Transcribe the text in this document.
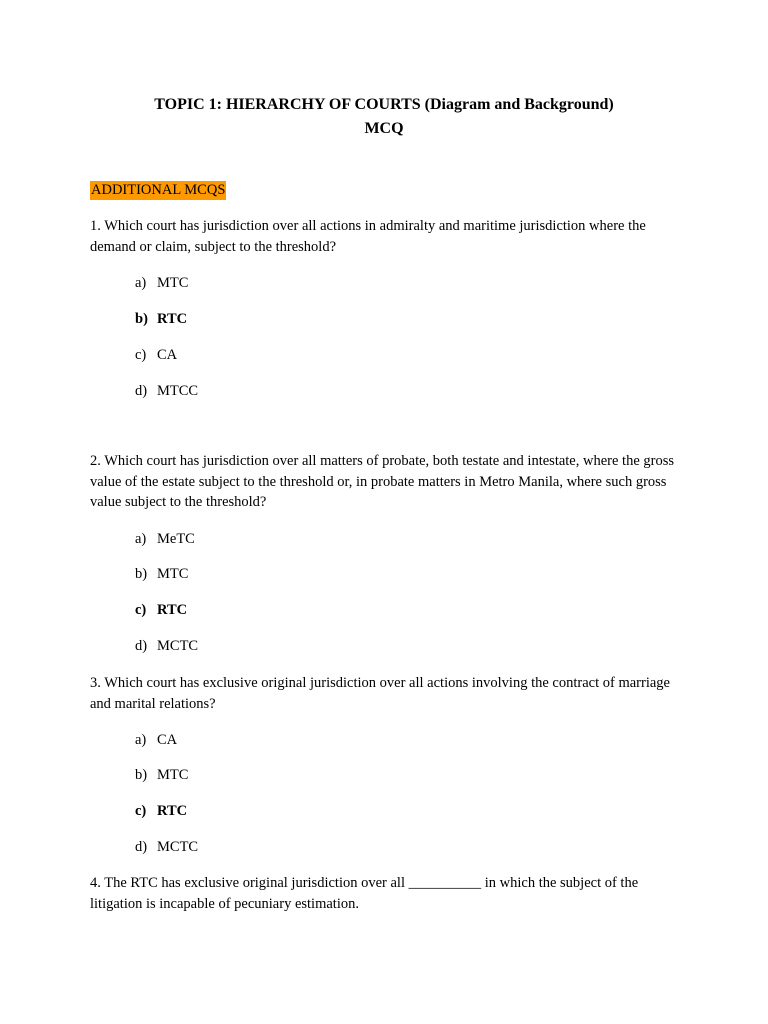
TOPIC 1: HIERARCHY OF COURTS (Diagram and Background)
MCQ
ADDITIONAL MCQS
1. Which court has jurisdiction over all actions in admiralty and maritime jurisdiction where the demand or claim, subject to the threshold?
a) MTC
b) RTC
c) CA
d) MTCC
2. Which court has jurisdiction over all matters of probate, both testate and intestate, where the gross value of the estate subject to the threshold or, in probate matters in Metro Manila, where such gross value subject to the threshold?
a) MeTC
b) MTC
c) RTC
d) MCTC
3. Which court has exclusive original jurisdiction over all actions involving the contract of marriage and marital relations?
a) CA
b) MTC
c) RTC
d) MCTC
4. The RTC has exclusive original jurisdiction over all __________ in which the subject of the litigation is incapable of pecuniary estimation.
